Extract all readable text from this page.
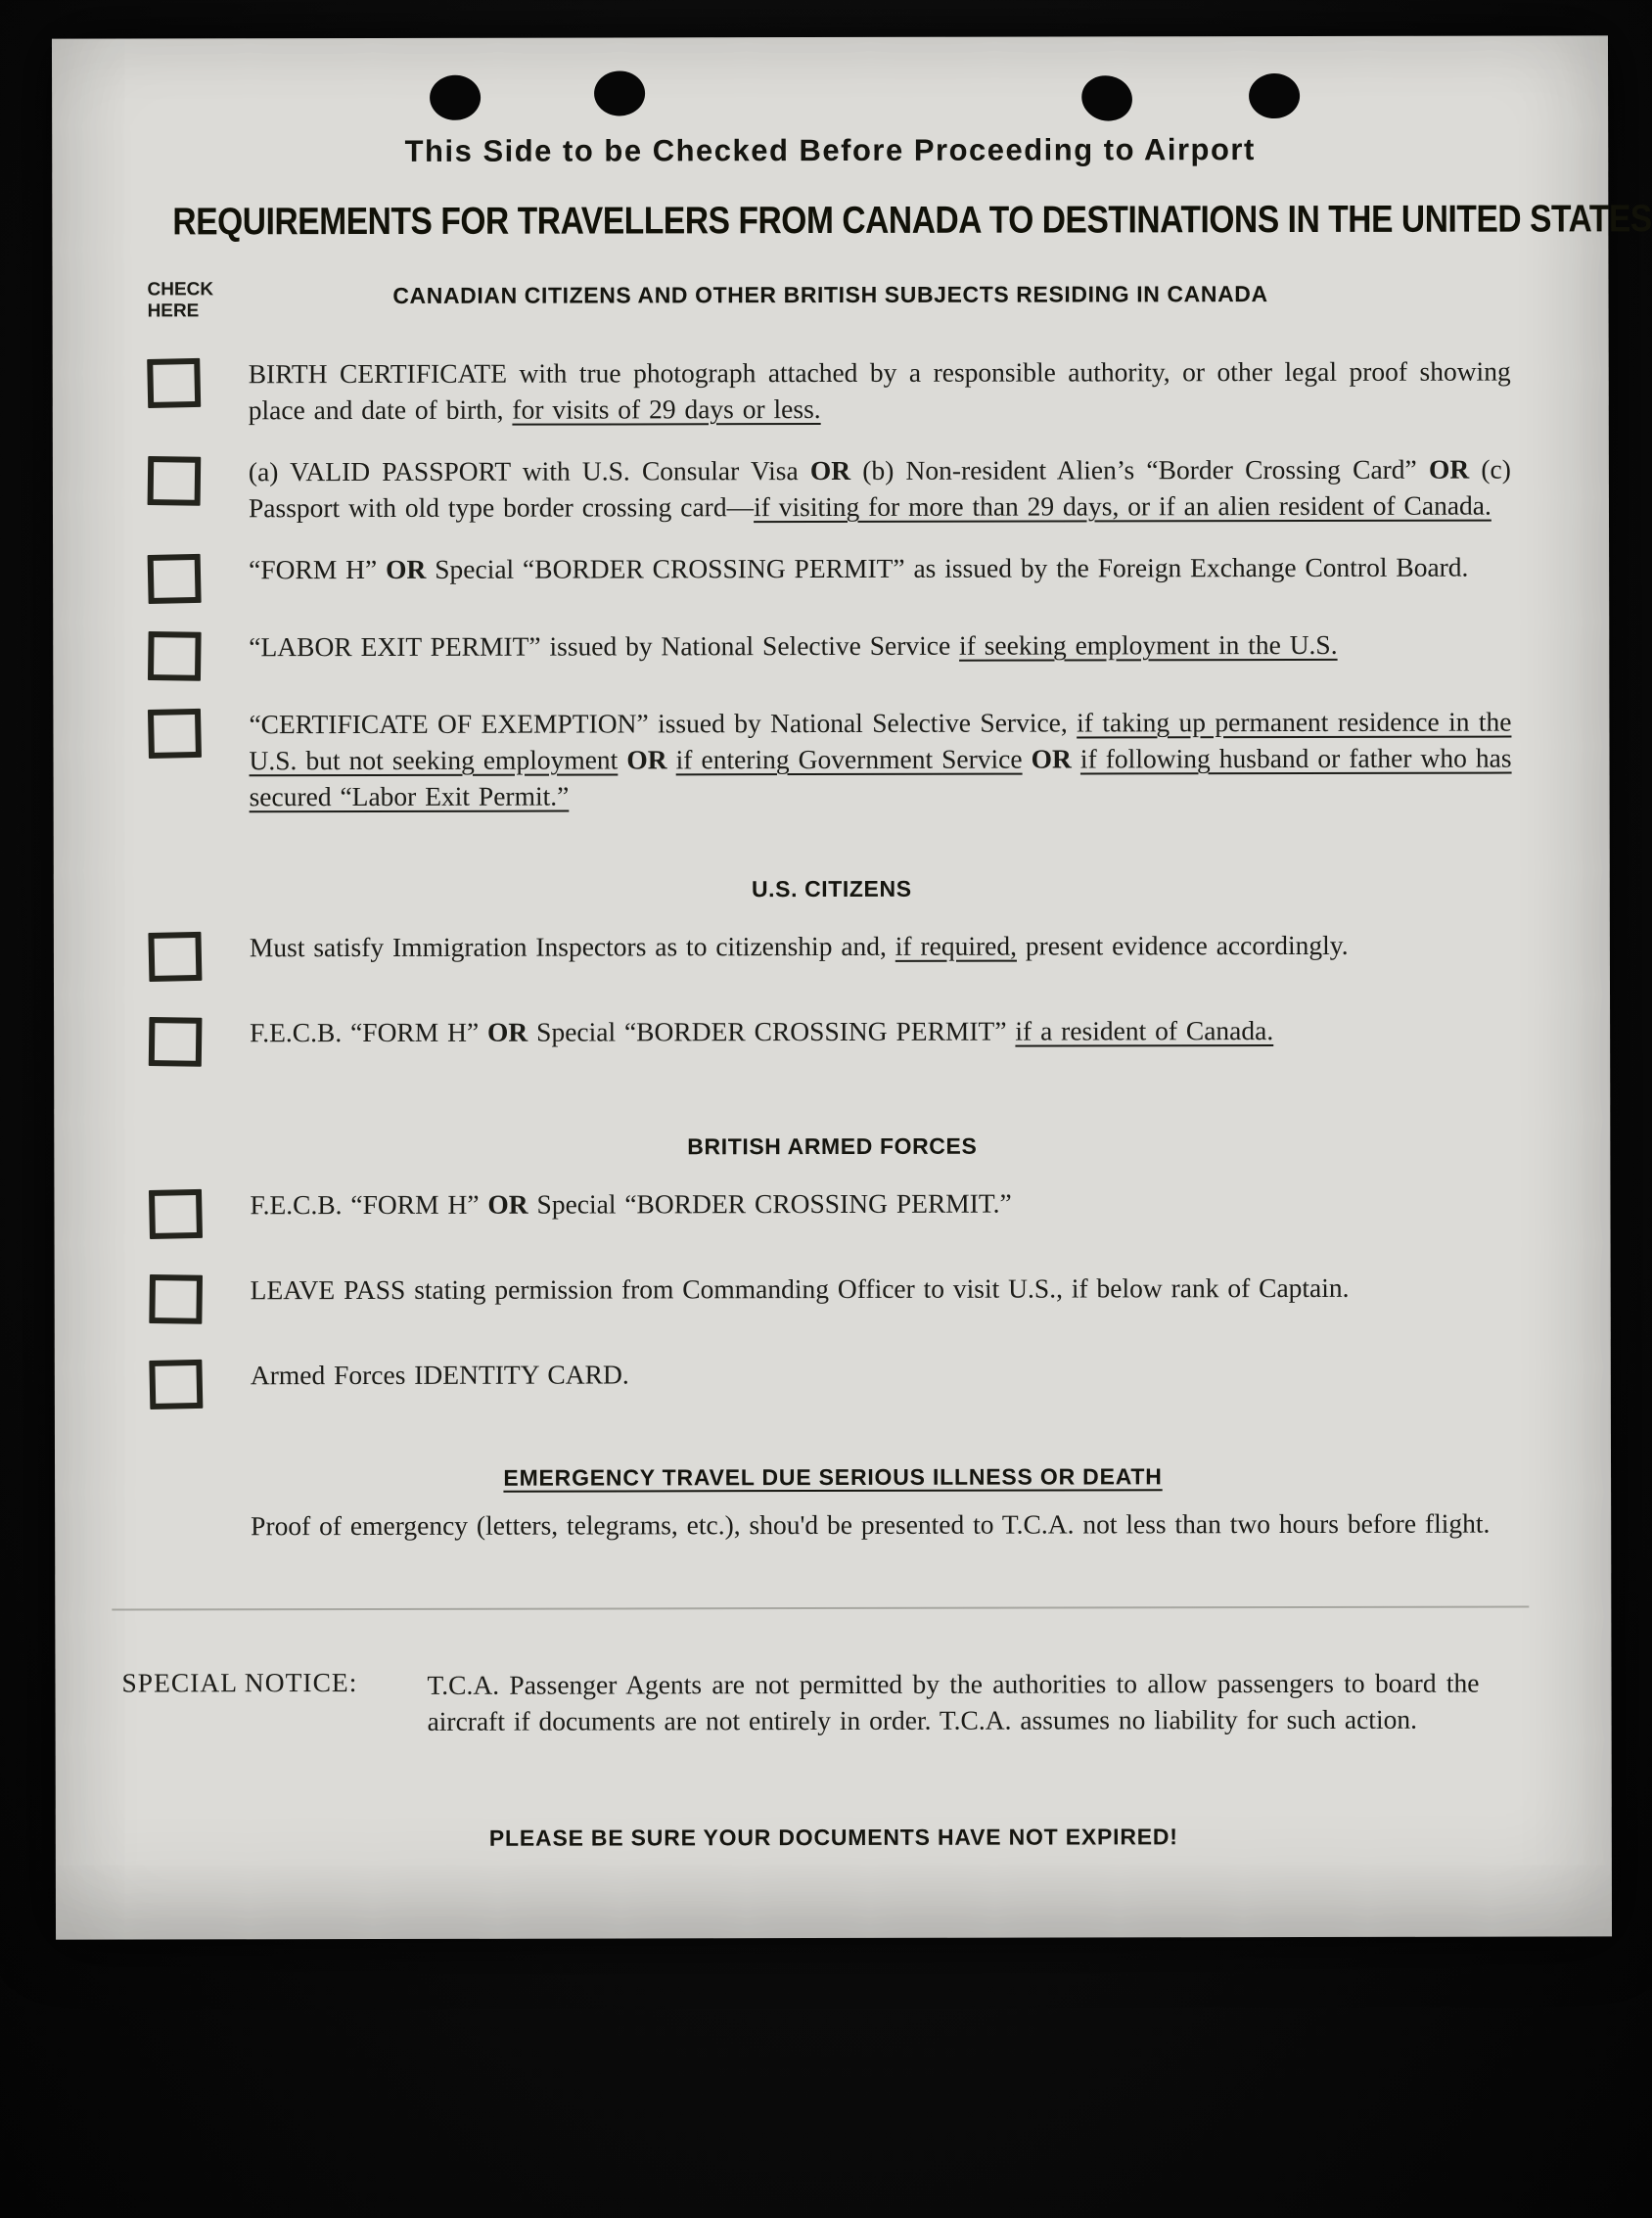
This Side to be Checked Before Proceeding to Airport
REQUIREMENTS FOR TRAVELLERS FROM CANADA TO DESTINATIONS IN THE UNITED STATES
CHECK
HERE
CANADIAN CITIZENS AND OTHER BRITISH SUBJECTS RESIDING IN CANADA

BIRTH CERTIFICATE with true photograph attached by a responsible authority, or other legal proof showing place and date of birth, for visits of 29 days or less.

(a) VALID PASSPORT with U.S. Consular Visa OR (b) Non-resident Alien’s “Border Crossing Card” OR (c) Passport with old type border crossing card—if visiting for more than 29 days, or if an alien resident of Canada.

“FORM H” OR Special “BORDER CROSSING PERMIT” as issued by the Foreign Exchange Control Board.

“LABOR EXIT PERMIT” issued by National Selective Service if seeking employment in the U.S.

“CERTIFICATE OF EXEMPTION” issued by National Selective Service, if taking up permanent residence in the U.S. but not seeking employment OR if entering Government Service OR if following husband or father who has secured “Labor Exit Permit.”

U.S. CITIZENS

Must satisfy Immigration Inspectors as to citizenship and, if required, present evidence accordingly.

F.E.C.B. “FORM H” OR Special “BORDER CROSSING PERMIT” if a resident of Canada.

BRITISH ARMED FORCES

F.E.C.B. “FORM H” OR Special “BORDER CROSSING PERMIT.”

LEAVE PASS stating permission from Commanding Officer to visit U.S., if below rank of Captain.

Armed Forces IDENTITY CARD.

EMERGENCY TRAVEL DUE SERIOUS ILLNESS OR DEATH

Proof of emergency (letters, telegrams, etc.), shou'd be presented to T.C.A. not less than two hours before flight.

SPECIAL NOTICE:	T.C.A. Passenger Agents are not permitted by the authorities to allow passengers to board the aircraft if documents are not entirely in order. T.C.A. assumes no liability for such action.

PLEASE BE SURE YOUR DOCUMENTS HAVE NOT EXPIRED!
